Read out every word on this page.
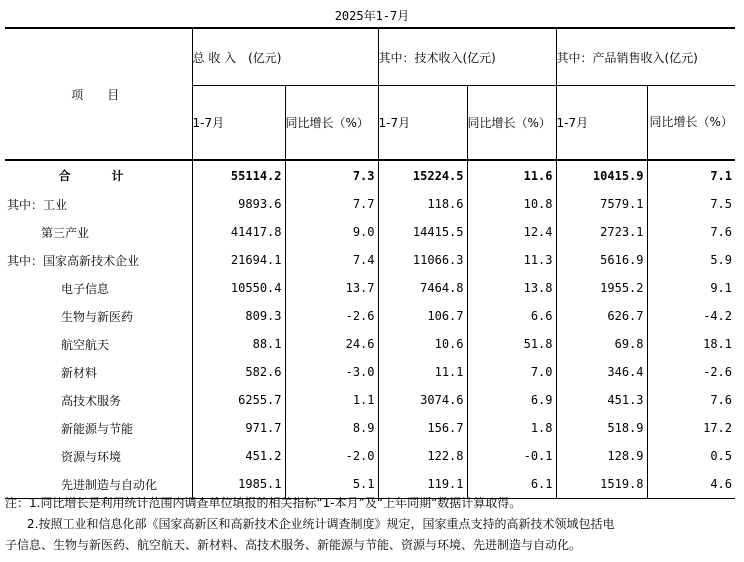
2025年1-7月
项　目	总 收 入　(亿元)		其中：技术收入(亿元)		其中：产品销售收入(亿元)	
	1-7月	同比增长（%）	1-7月	同比增长（%）	1-7月	同比增长（%）
合　计	55114.2	7.3	15224.5	11.6	10415.9	7.1
其中：工业	9893.6	7.7	118.6	10.8	7579.1	7.5
第三产业	41417.8	9.0	14415.5	12.4	2723.1	7.6
其中：国家高新技术企业	21694.1	7.4	11066.3	11.3	5616.9	5.9
电子信息	10550.4	13.7	7464.8	13.8	1955.2	9.1
生物与新医药	809.3	-2.6	106.7	6.6	626.7	-4.2
航空航天	88.1	24.6	10.6	51.8	69.8	18.1
新材料	582.6	-3.0	11.1	7.0	346.4	-2.6
高技术服务	6255.7	1.1	3074.6	6.9	451.3	7.6
新能源与节能	971.7	8.9	156.7	1.8	518.9	17.2
资源与环境	451.2	-2.0	122.8	-0.1	128.9	0.5
先进制造与自动化	1985.1	5.1	119.1	6.1	1519.8	4.6
注：1.同比增长是利用统计范围内调查单位填报的相关指标“1-本月”及“上年同期”数据计算取得。
2.按照工业和信息化部《国家高新区和高新技术企业统计调查制度》规定，国家重点支持的高新技术领域包括电
子信息、生物与新医药、航空航天、新材料、高技术服务、新能源与节能、资源与环境、先进制造与自动化。
